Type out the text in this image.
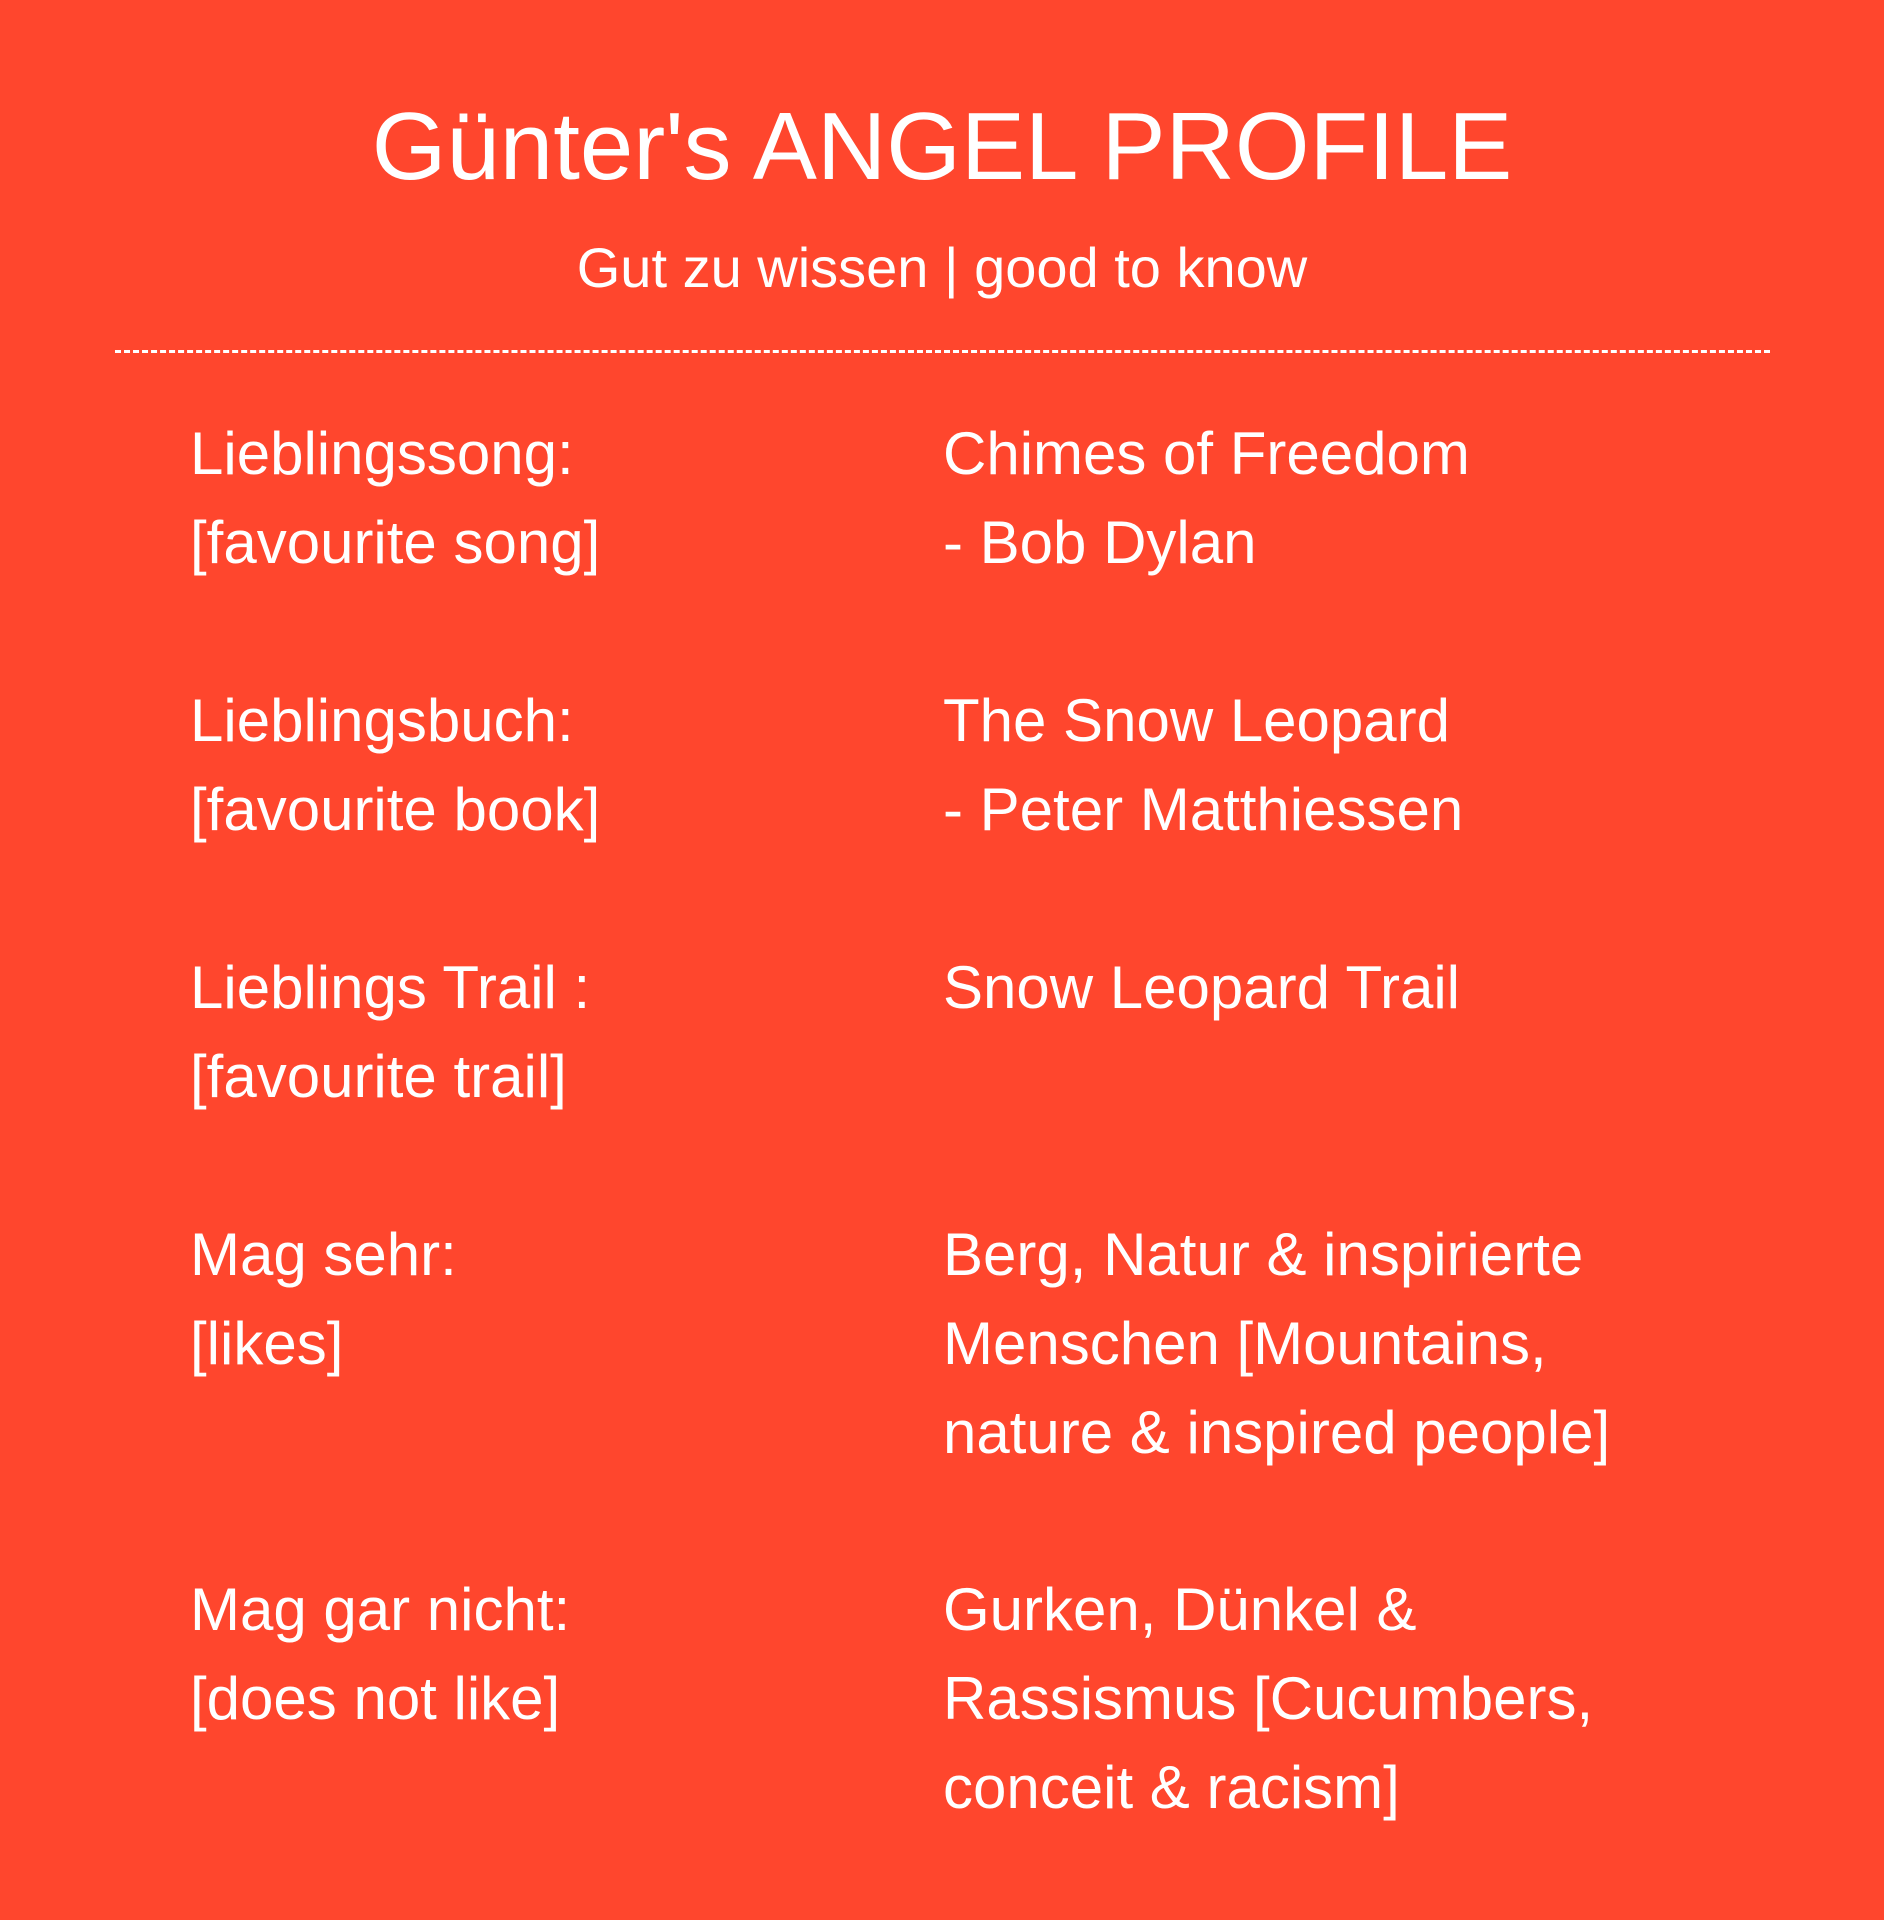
Günter's ANGEL PROFILE
Gut zu wissen | good to know
Lieblingssong:
[favourite song]
Chimes of Freedom
- Bob Dylan
Lieblingsbuch:
[favourite book]
The Snow Leopard
- Peter Matthiessen
Lieblings Trail :
[favourite trail]
Snow Leopard Trail
Mag sehr:
[likes]
Berg, Natur & inspirierte
Menschen [Mountains,
nature & inspired people]
Mag gar nicht:
[does not like]
Gurken, Dünkel &
Rassismus [Cucumbers,
conceit & racism]
